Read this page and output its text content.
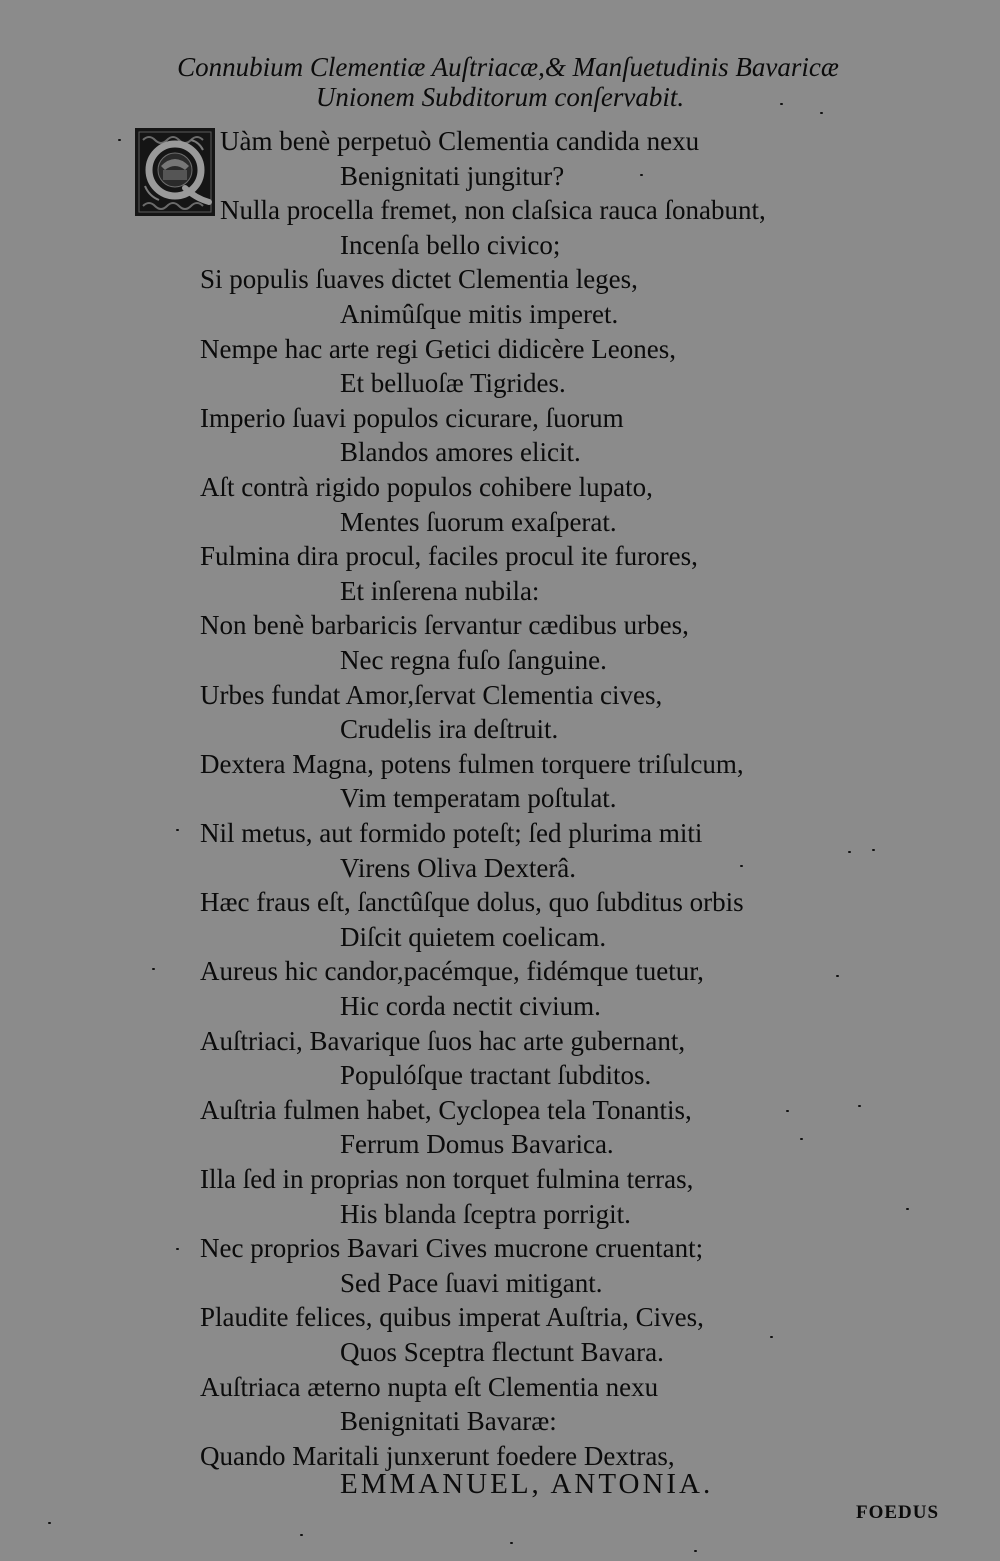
Connubium Clementiæ Auſtriacæ,& Manſuetudinis Bavaricæ
Unionem Subditorum conſervabit.
Uàm benè perpetuò Clementia candida nexu
Benignitati jungitur?
Nulla procella fremet, non claſsica rauca ſonabunt,
Incenſa bello civico;
Si populis ſuaves dictet Clementia leges,
Animûſque mitis imperet.
Nempe hac arte regi Getici didicère Leones,
Et belluoſæ Tigrides.
Imperio ſuavi populos cicurare, ſuorum
Blandos amores elicit.
Aſt contrà rigido populos cohibere lupato,
Mentes ſuorum exaſperat.
Fulmina dira procul, faciles procul ite furores,
Et inſerena nubila:
Non benè barbaricis ſervantur cædibus urbes,
Nec regna fuſo ſanguine.
Urbes fundat Amor,ſervat Clementia cives,
Crudelis ira deſtruit.
Dextera Magna, potens fulmen torquere triſulcum,
Vim temperatam poſtulat.
Nil metus, aut formido poteſt; ſed plurima miti
Virens Oliva Dexterâ.
Hæc fraus eſt, ſanctûſque dolus, quo ſubditus orbis
Diſcit quietem coelicam.
Aureus hic candor,pacémque, fidémque tuetur,
Hic corda nectit civium.
Auſtriaci, Bavarique ſuos hac arte gubernant,
Populóſque tractant ſubditos.
Auſtria fulmen habet, Cyclopea tela Tonantis,
Ferrum Domus Bavarica.
Illa ſed in proprias non torquet fulmina terras,
His blanda ſceptra porrigit.
Nec proprios Bavari Cives mucrone cruentant;
Sed Pace ſuavi mitigant.
Plaudite felices, quibus imperat Auſtria, Cives,
Quos Sceptra flectunt Bavara.
Auſtriaca æterno nupta eſt Clementia nexu
Benignitati Bavaræ:
Quando Maritali junxerunt foedere Dextras,
EMMANUEL, ANTONIA.
FOEDUS
